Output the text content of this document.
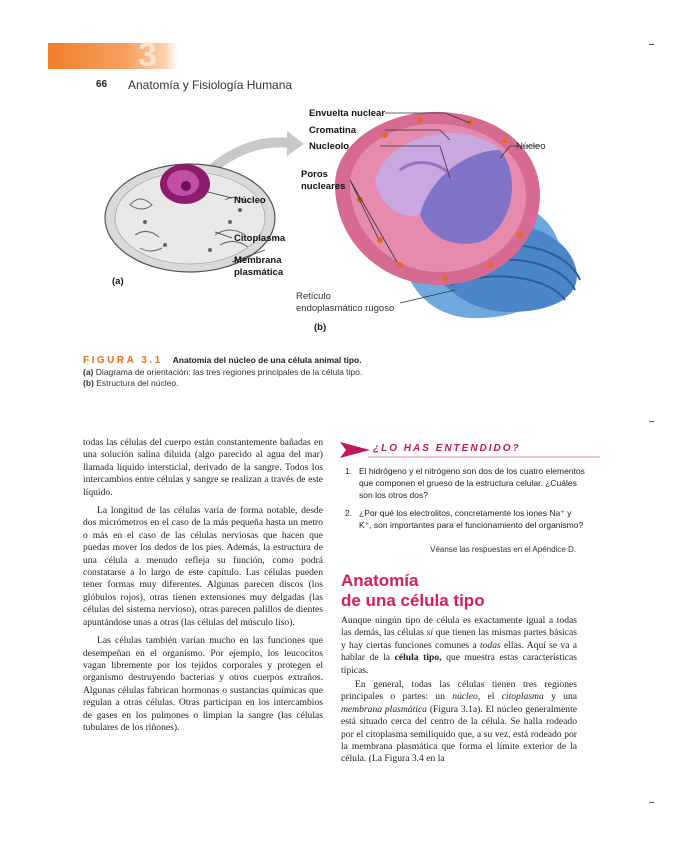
3
66 Anatomía y Fisiología Humana
Núcleo
Citoplasma
Membrana
plasmática
(a)
Envuelta nuclear
Cromatina
Nucleolo	Núcleo
Poros
nucleares
Retículo
endoplasmático rugoso
(b)
FIGURA 3.1 Anatomía del núcleo de una célula animal tipo.
(a) Diagrama de orientación: las tres regiones principales de la célula tipo.
(b) Estructura del núcleo.

todas las células del cuerpo están constantemente bañadas en una solución salina diluida (algo parecido al agua del mar) llamada líquido intersticial, derivado de la sangre. Todos los intercambios entre células y sangre se realizan a través de este líquido.

La longitud de las células varía de forma notable, desde dos micrómetros en el caso de la más pequeña hasta un metro o más en el caso de las células nerviosas que hacen que puedas mover los dedos de los pies. Además, la estructura de una célula a menudo refleja su función, como podrá constatarse a lo largo de este capítulo. Las células pueden tener formas muy diferentes. Algunas parecen discos (los glóbulos rojos), otras tienen extensiones muy delgadas (las células del sistema nervioso), otras parecen palillos de dientes apuntándose unas a otras (las células del músculo liso).

Las células también varían mucho en las funciones que desempeñan en el organismo. Por ejemplo, los leucocitos vagan libremente por los tejidos corporales y protegen el organismo destruyendo bacterias y otros cuerpos extraños. Algunas células fabrican hormonas o sustancias químicas que regulan a otras células. Otras participan en los intercambios de gases en los pulmones o limpian la sangre (las células tubulares de los riñones).

¿LO HAS ENTENDIDO?
1. El hidrógeno y el nitrógeno son dos de los cuatro elementos que componen el grueso de la estructura celular. ¿Cuáles son los otros dos?
2. ¿Por qué los electrolitos, concretamente los iones Na⁺ y K⁺, son importantes para el funcionamiento del organismo?
Véanse las respuestas en el Apéndice D.
Anatomía
de una célula tipo

Aunque ningún tipo de célula es exactamente igual a todas las demás, las células sí que tienen las mismas partes básicas y hay ciertas funciones comunes a todas ellas. Aquí se va a hablar de la célula tipo, que muestra estas características típicas.

En general, todas las células tienen tres regiones principales o partes: un núcleo, el citoplasma y una membrana plasmática (Figura 3.1a). El núcleo generalmente está situado cerca del centro de la célula. Se halla rodeado por el citoplasma semilíquido que, a su vez, está rodeado por la membrana plasmática que forma el límite exterior de la célula. (La Figura 3.4 en la
